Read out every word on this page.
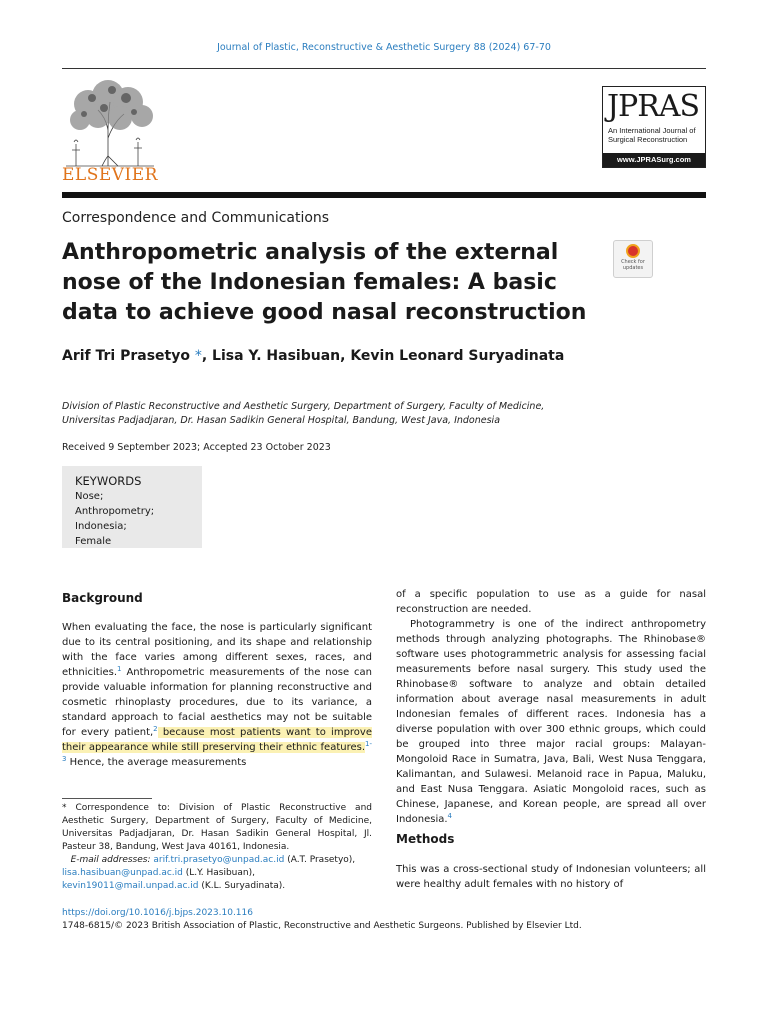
Journal of Plastic, Reconstructive & Aesthetic Surgery 88 (2024) 67-70
ELSEVIER
JPRAS
An International Journal of Surgical Reconstruction
www.JPRASurg.com
Correspondence and Communications
Anthropometric analysis of the external nose of the Indonesian females: A basic data to achieve good nasal reconstruction
Check for updates
Arif Tri Prasetyo *, Lisa Y. Hasibuan, Kevin Leonard Suryadinata
Division of Plastic Reconstructive and Aesthetic Surgery, Department of Surgery, Faculty of Medicine, Universitas Padjadjaran, Dr. Hasan Sadikin General Hospital, Bandung, West Java, Indonesia
Received 9 September 2023; Accepted 23 October 2023
KEYWORDS
Nose;
Anthropometry;
Indonesia;
Female
Background

When evaluating the face, the nose is particularly significant due to its central positioning, and its shape and relationship with the face varies among different sexes, races, and ethnicities.$^1$ Anthropometric measurements of the nose can provide valuable information for planning reconstructive and cosmetic rhinoplasty procedures, due to its variance, a standard approach to facial aesthetics may not be suitable for every patient,$^2$ because most patients want to improve their appearance while still preserving their ethnic features.$^{1-3}$ Hence, the average measurements

* Correspondence to: Division of Plastic Reconstructive and Aesthetic Surgery, Department of Surgery, Faculty of Medicine, Universitas Padjadjaran, Dr. Hasan Sadikin General Hospital, Jl. Pasteur 38, Bandung, West Java 40161, Indonesia.
E-mail addresses: arif.tri.prasetyo@unpad.ac.id (A.T. Prasetyo),
lisa.hasibuan@unpad.ac.id (L.Y. Hasibuan),
kevin19011@mail.unpad.ac.id (K.L. Suryadinata).

of a specific population to use as a guide for nasal reconstruction are needed.

Photogrammetry is one of the indirect anthropometry methods through analyzing photographs. The Rhinobase® software uses photogrammetric analysis for assessing facial measurements before nasal surgery. This study used the Rhinobase® software to analyze and obtain detailed information about average nasal measurements in adult Indonesian females of different races. Indonesia has a diverse population with over 300 ethnic groups, which could be grouped into three major racial groups: Malayan-Mongoloid Race in Sumatra, Java, Bali, West Nusa Tenggara, Kalimantan, and Sulawesi. Melanoid race in Papua, Maluku, and East Nusa Tenggara. Asiatic Mongoloid races, such as Chinese, Japanese, and Korean people, are spread all over Indonesia.$^4$

Methods
This was a cross-sectional study of Indonesian volunteers; all were healthy adult females with no history of
https://doi.org/10.1016/j.bjps.2023.10.116
1748-6815/© 2023 British Association of Plastic, Reconstructive and Aesthetic Surgeons. Published by Elsevier Ltd.
